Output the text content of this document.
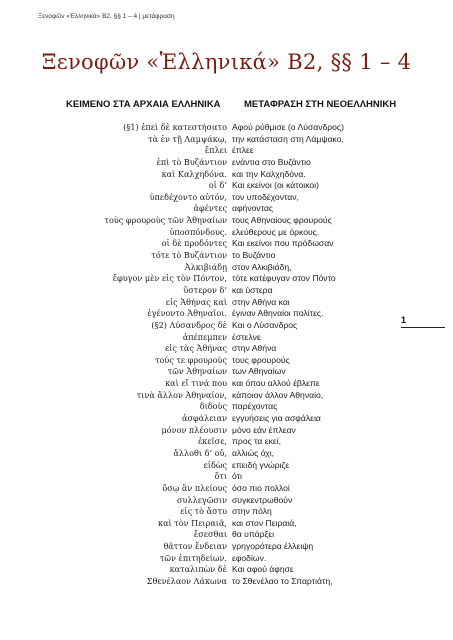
Ξενοφῶν «Ἑλληνικά» Β2, §§ 1 – 4 | μετάφραση
Ξενοφῶν «Ἑλληνικά» Β2, §§ 1 – 4
ΚΕΙΜΕΝΟ ΣΤΑ ΑΡΧΑΙΑ ΕΛΛΗΝΙΚΑ ΜΕΤΑΦΡΑΣΗ ΣΤΗ ΝΕΟΕΛΛΗΝΙΚΗ
(§1) ἐπεὶ δὲ κατεστήσατο Αφού ρύθμισε (ο Λύσανδρος)
τὰ ἐν τῇ Λαμψάκῳ, την κατάσταση στη Λάμψακο,
ἔπλει έπλεε
ἐπὶ τὸ Βυζάντιον ενάντια στο Βυζάντιο
καὶ Καλχηδόνα. και την Καλχηδόνα.
οἱ δ’ Και εκείνοι (οι κάτοικοι)
ὑπεδέχοντο αὐτόν, τον υποδέχονταν,
ἀφέντες αφήνοντας
τοὺς φρουροὺς τῶν Ἀθηναίων τους Αθηναίους φρουρούς
ὑποσπόνδους. ελεύθερους με όρκους.
οἱ δὲ προδόντες Και εκείνοι που πρόδωσαν
τότε τὸ Βυζάντιον το Βυζάντιο
Ἀλκιβιάδῃ στον Αλκιβιάδη,
ἔφυγον μὲν εἰς τὸν Πόντον, τότε κατέφυγαν στον Πόντο
ὕστερον δ’ και ύστερα
εἰς Ἀθήνας καὶ στην Αθήνα και
ἐγένοντο Ἀθηναῖοι. έγιναν Αθηναίοι πολίτες.
(§2) Λύσανδρος δὲ Και ο Λύσανδρος
ἀπέπεμπεν έστελνε
εἰς τὰς Ἀθήνας στην Αθήνα
τούς τε φρουροὺς τους φρουρούς
τῶν Ἀθηναίων των Αθηναίων
καὶ εἴ τινά που και όπου αλλού έβλεπε
τινὰ ἄλλον Ἀθηναίον, κάποιον άλλον Αθηναίο,
διδοὺς παρέχοντας
ἀσφάλειαν εγγυήσεις για ασφάλεια
μόνον πλέουσιν μόνο εάν έπλεαν
ἐκεῖσε, προς τα εκεί,
ἄλλοθι δ’ οὔ, αλλιώς όχι,
εἰδὼς επειδή γνώριζε
ὅτι ότι
ὅσῳ ἂν πλείους όσο πιο πολλοί
συλλεγῶσιν συγκεντρωθούν
εἰς τὸ ἄστυ στην πόλη
καὶ τὸν Πειραιᾶ, και στον Πειραιά,
ἔσεσθαι θα υπάρξει
θᾶττον ἔνδειαν γρηγορότερα έλλειψη
τῶν ἐπιτηδείων. εφοδίων.
καταλιπὼν δὲ Και αφού άφησε
Σθενέλαον Λάκωνα το Σθενέλαο το Σπαρτιάτη,
1
